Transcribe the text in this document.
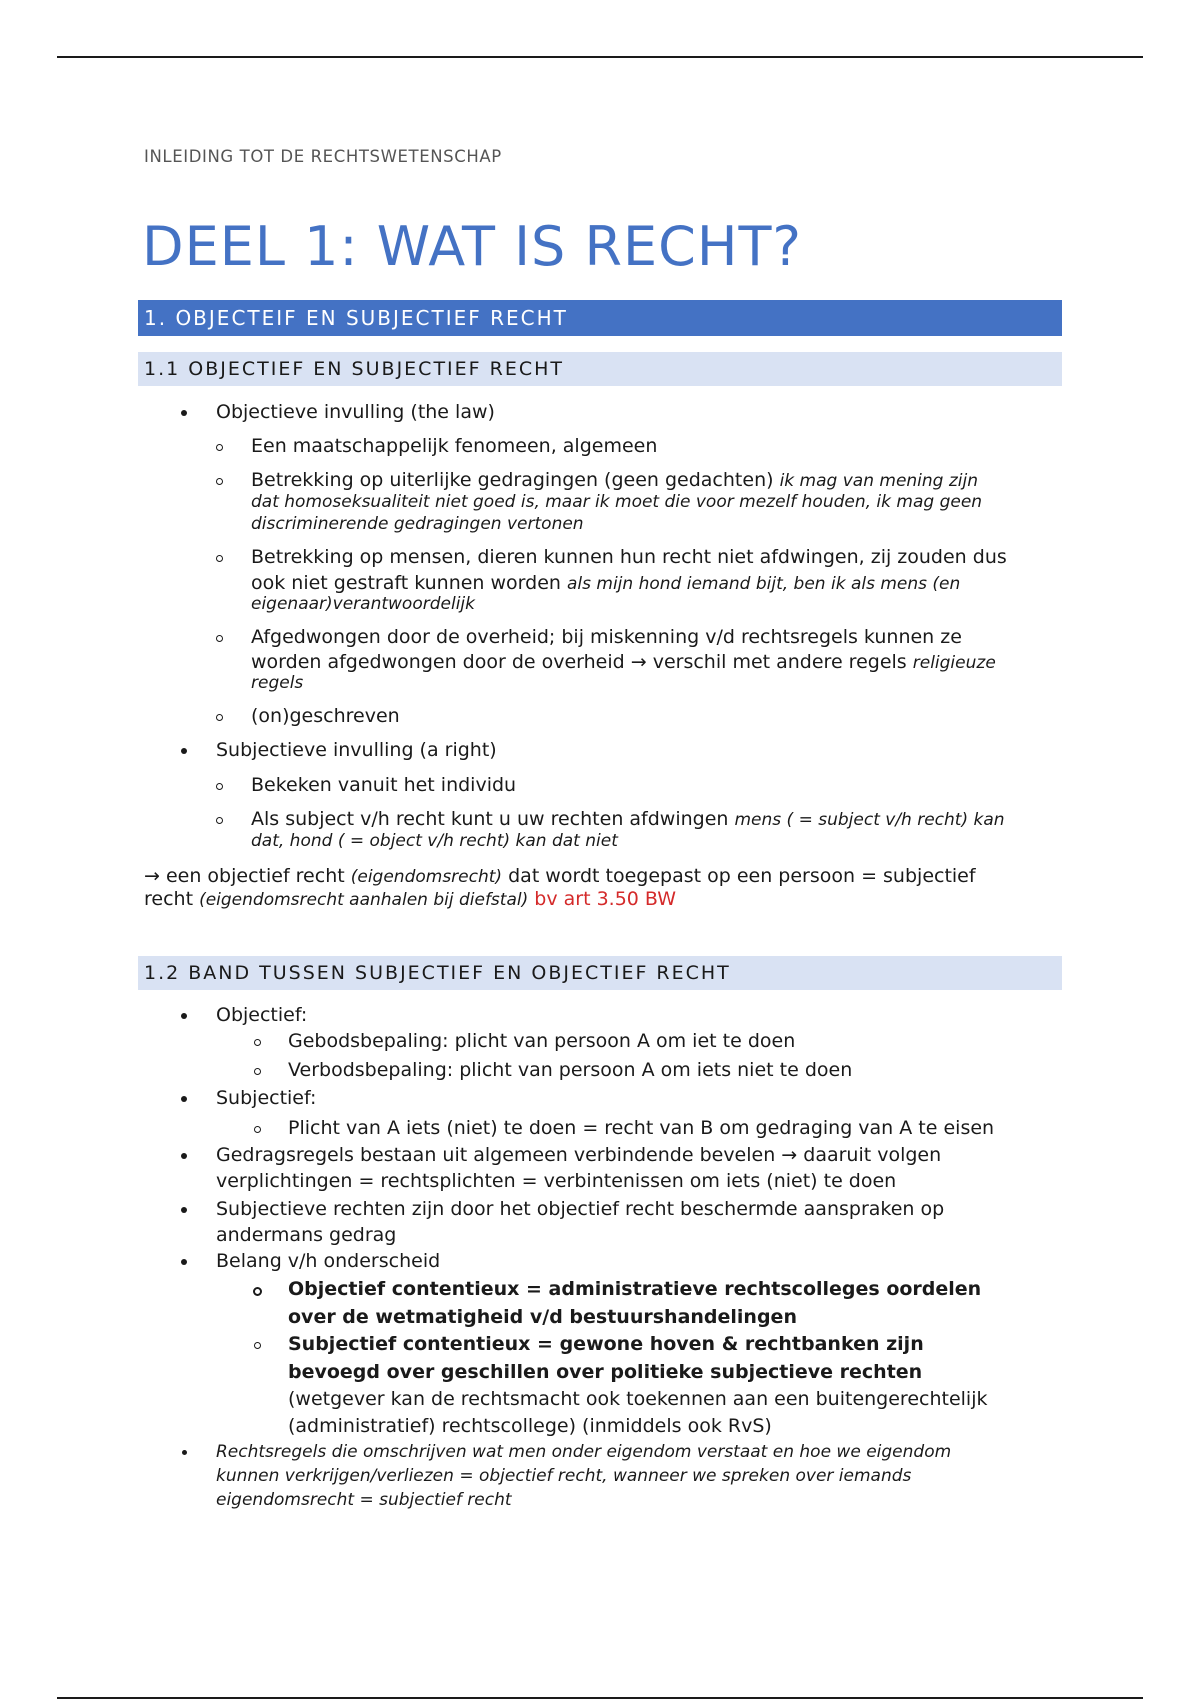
INLEIDING TOT DE RECHTSWETENSCHAP
DEEL 1: WAT IS RECHT?
1. OBJECTEIF EN SUBJECTIEF RECHT
1.1 OBJECTIEF EN SUBJECTIEF RECHT
Objectieve invulling (the law)
Een maatschappelijk fenomeen, algemeen
Betrekking op uiterlijke gedragingen (geen gedachten) ik mag van mening zijn
dat homoseksualiteit niet goed is, maar ik moet die voor mezelf houden, ik mag geen
discriminerende gedragingen vertonen
Betrekking op mensen, dieren kunnen hun recht niet afdwingen, zij zouden dus
ook niet gestraft kunnen worden als mijn hond iemand bijt, ben ik als mens (en
eigenaar)verantwoordelijk
Afgedwongen door de overheid; bij miskenning v/d rechtsregels kunnen ze
worden afgedwongen door de overheid → verschil met andere regels religieuze
regels
(on)geschreven
Subjectieve invulling (a right)
Bekeken vanuit het individu
Als subject v/h recht kunt u uw rechten afdwingen mens ( = subject v/h recht) kan
dat, hond ( = object v/h recht) kan dat niet
→ een objectief recht (eigendomsrecht) dat wordt toegepast op een persoon = subjectief
recht (eigendomsrecht aanhalen bij diefstal) bv art 3.50 BW
1.2 BAND TUSSEN SUBJECTIEF EN OBJECTIEF RECHT
Objectief:
Gebodsbepaling: plicht van persoon A om iet te doen
Verbodsbepaling: plicht van persoon A om iets niet te doen
Subjectief:
Plicht van A iets (niet) te doen = recht van B om gedraging van A te eisen
Gedragsregels bestaan uit algemeen verbindende bevelen → daaruit volgen
verplichtingen = rechtsplichten = verbintenissen om iets (niet) te doen
Subjectieve rechten zijn door het objectief recht beschermde aanspraken op
andermans gedrag
Belang v/h onderscheid
Objectief contentieux = administratieve rechtscolleges oordelen
over de wetmatigheid v/d bestuurshandelingen
Subjectief contentieux = gewone hoven & rechtbanken zijn
bevoegd over geschillen over politieke subjectieve rechten
(wetgever kan de rechtsmacht ook toekennen aan een buitengerechtelijk
(administratief) rechtscollege) (inmiddels ook RvS)
Rechtsregels die omschrijven wat men onder eigendom verstaat en hoe we eigendom
kunnen verkrijgen/verliezen = objectief recht, wanneer we spreken over iemands
eigendomsrecht = subjectief recht
